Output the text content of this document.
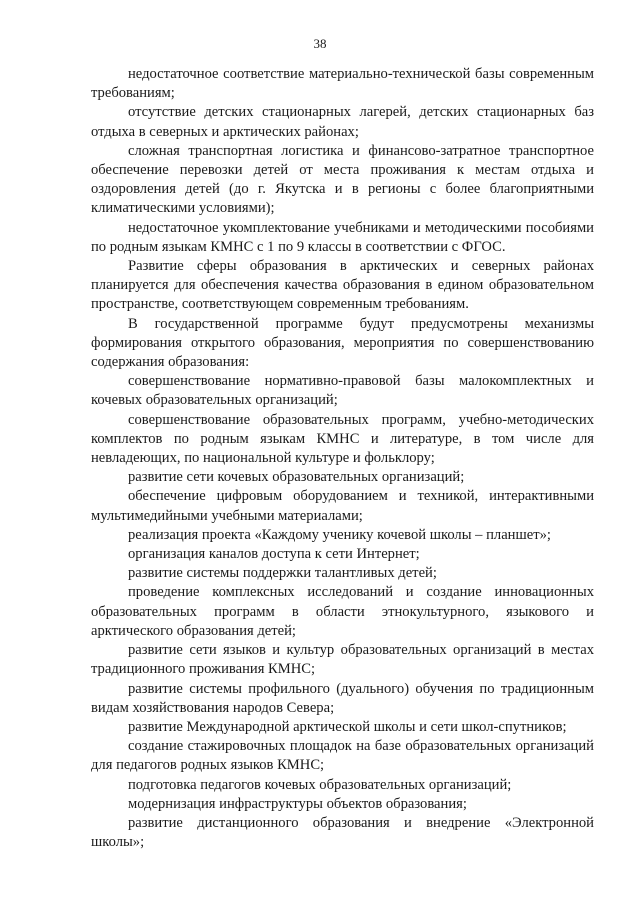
38

недостаточное соответствие материально-технической базы современным требованиям;

отсутствие детских стационарных лагерей, детских стационарных баз отдыха в северных и арктических районах;

сложная транспортная логистика и финансово-затратное транспортное обеспечение перевозки детей от места проживания к местам отдыха и оздоровления детей (до г. Якутска и в регионы с более благоприятными климатическими условиями);

недостаточное укомплектование учебниками и методическими пособиями по родным языкам КМНС с 1 по 9 классы в соответствии с ФГОС.

Развитие сферы образования в арктических и северных районах планируется для обеспечения качества образования в едином образовательном пространстве, соответствующем современным требованиям.

В государственной программе будут предусмотрены механизмы формирования открытого образования, мероприятия по совершенствованию содержания образования:

совершенствование нормативно-правовой базы малокомплектных и кочевых образовательных организаций;

совершенствование образовательных программ, учебно-методических комплектов по родным языкам КМНС и литературе, в том числе для невладеющих, по национальной культуре и фольклору;

развитие сети кочевых образовательных организаций;

обеспечение цифровым оборудованием и техникой, интерактивными мультимедийными учебными материалами;

реализация проекта «Каждому ученику кочевой школы – планшет»;

организация каналов доступа к сети Интернет;

развитие системы поддержки талантливых детей;

проведение комплексных исследований и создание инновационных образовательных программ в области этнокультурного, языкового и арктического образования детей;

развитие сети языков и культур образовательных организаций в местах традиционного проживания КМНС;

развитие системы профильного (дуального) обучения по традиционным видам хозяйствования народов Севера;

развитие Международной арктической школы и сети школ-спутников;

создание стажировочных площадок на базе образовательных организаций для педагогов родных языков КМНС;

подготовка педагогов кочевых образовательных организаций;

модернизация инфраструктуры объектов образования;

развитие дистанционного образования и внедрение «Электронной школы»;
